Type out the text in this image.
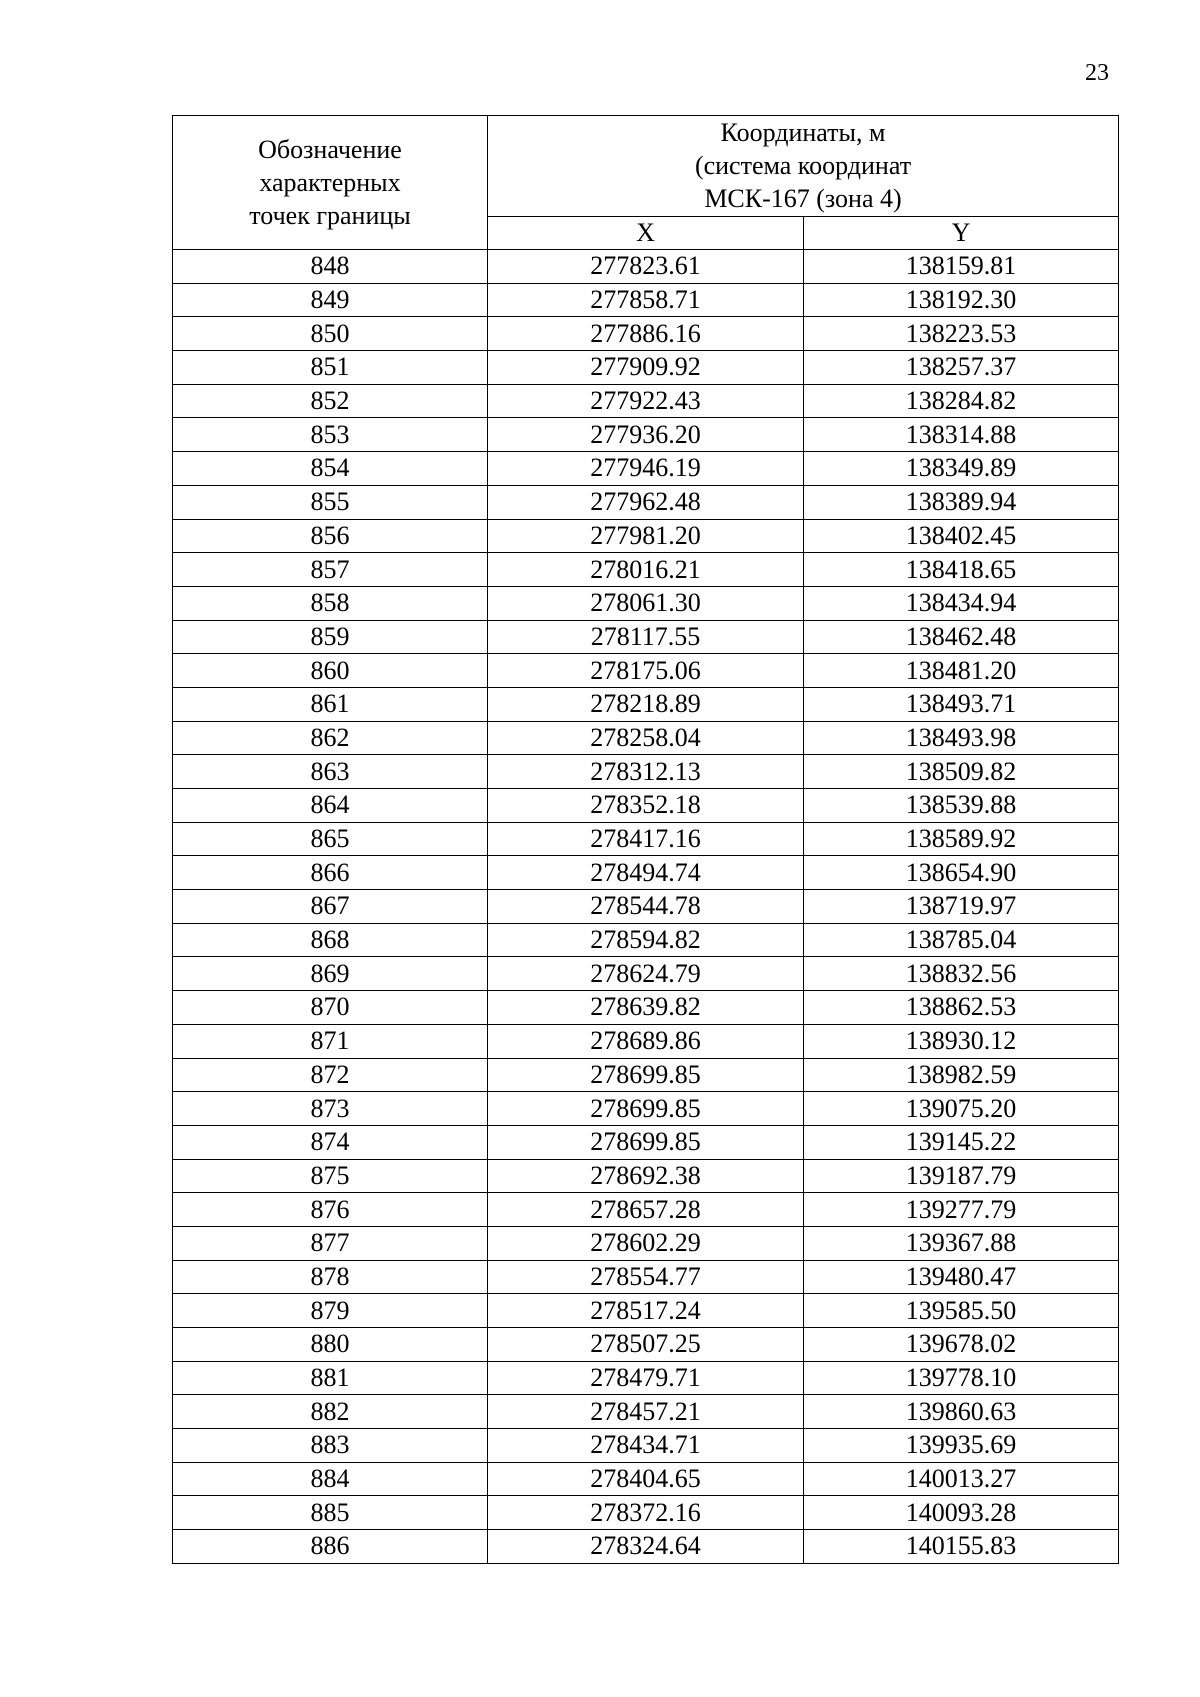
23
Обозначение
характерных
точек границы	Координаты, м
(система координат
МСК-167 (зона 4)	

	X	Y
848	277823.61	138159.81
849	277858.71	138192.30
850	277886.16	138223.53
851	277909.92	138257.37
852	277922.43	138284.82
853	277936.20	138314.88
854	277946.19	138349.89
855	277962.48	138389.94
856	277981.20	138402.45
857	278016.21	138418.65
858	278061.30	138434.94
859	278117.55	138462.48
860	278175.06	138481.20
861	278218.89	138493.71
862	278258.04	138493.98
863	278312.13	138509.82
864	278352.18	138539.88
865	278417.16	138589.92
866	278494.74	138654.90
867	278544.78	138719.97
868	278594.82	138785.04
869	278624.79	138832.56
870	278639.82	138862.53
871	278689.86	138930.12
872	278699.85	138982.59
873	278699.85	139075.20
874	278699.85	139145.22
875	278692.38	139187.79
876	278657.28	139277.79
877	278602.29	139367.88
878	278554.77	139480.47
879	278517.24	139585.50
880	278507.25	139678.02
881	278479.71	139778.10
882	278457.21	139860.63
883	278434.71	139935.69
884	278404.65	140013.27
885	278372.16	140093.28
886	278324.64	140155.83
